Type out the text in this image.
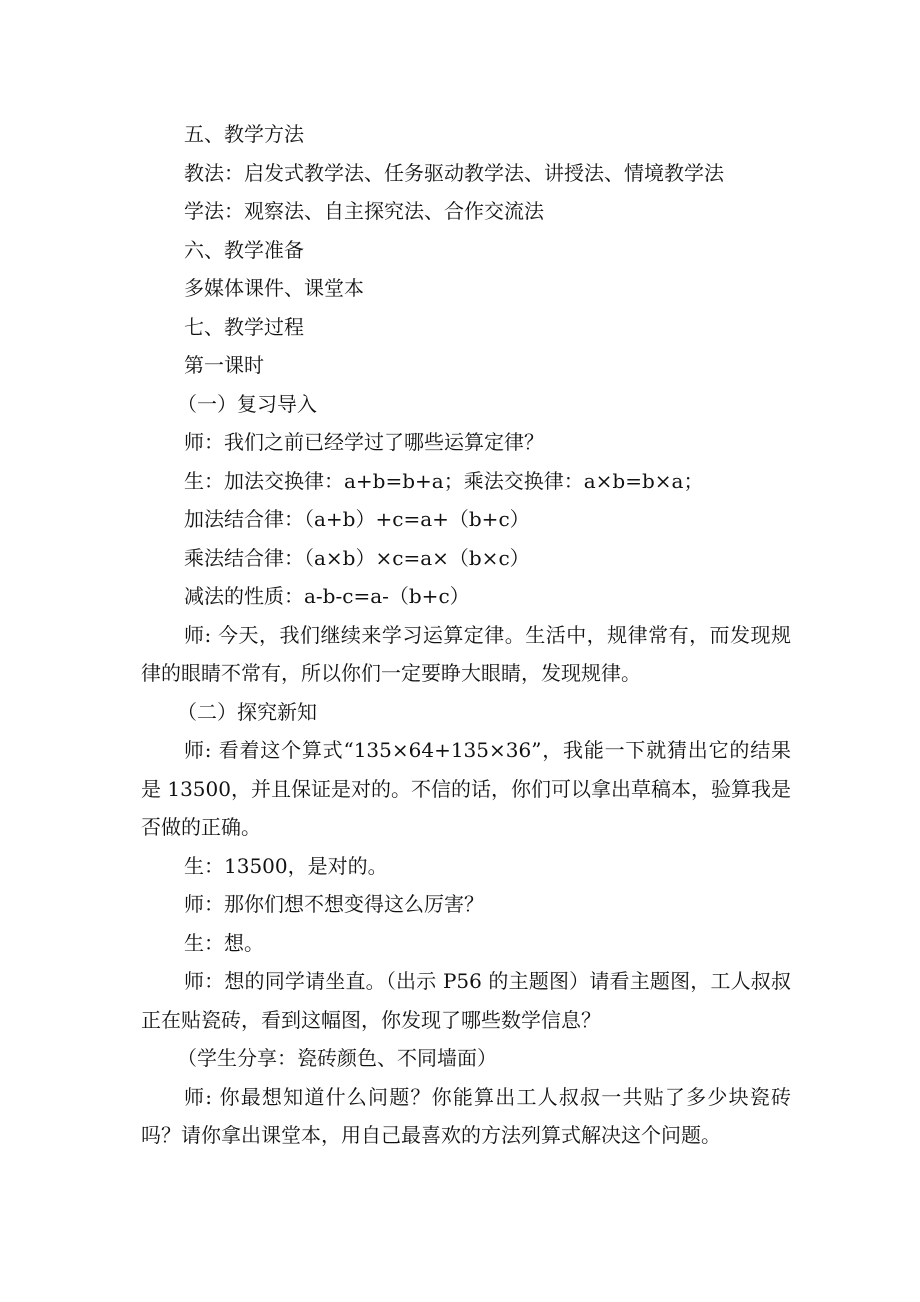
五、教学方法

教法：启发式教学法、任务驱动教学法、讲授法、情境教学法

学法：观察法、自主探究法、合作交流法

六、教学准备

多媒体课件、课堂本

七、教学过程

第一课时

（一）复习导入

师：我们之前已经学过了哪些运算定律？

生：加法交换律：a+b=b+a；乘法交换律：a×b=b×a；

加法结合律：（a+b）+c=a+（b+c）

乘法结合律：（a×b）×c=a×（b×c）

减法的性质：a-b-c=a-（b+c）

师: 今天，我们继续来学习运算定律。生活中，规律常有，而发现规律的眼睛不常有，所以你们一定要睁大眼睛，发现规律。

（二）探究新知

师: 看着这个算式“135×64+135×36”，我能一下就猜出它的结果是 13500，并且保证是对的。不信的话，你们可以拿出草稿本，验算我是否做的正确。

生：13500，是对的。

师：那你们想不想变得这么厉害？

生：想。

师：想的同学请坐直。（出示 P56 的主题图）请看主题图，工人叔叔正在贴瓷砖，看到这幅图，你发现了哪些数学信息？

（学生分享：瓷砖颜色、不同墙面）

师: 你最想知道什么问题？你能算出工人叔叔一共贴了多少块瓷砖吗？请你拿出课堂本，用自己最喜欢的方法列算式解决这个问题。
